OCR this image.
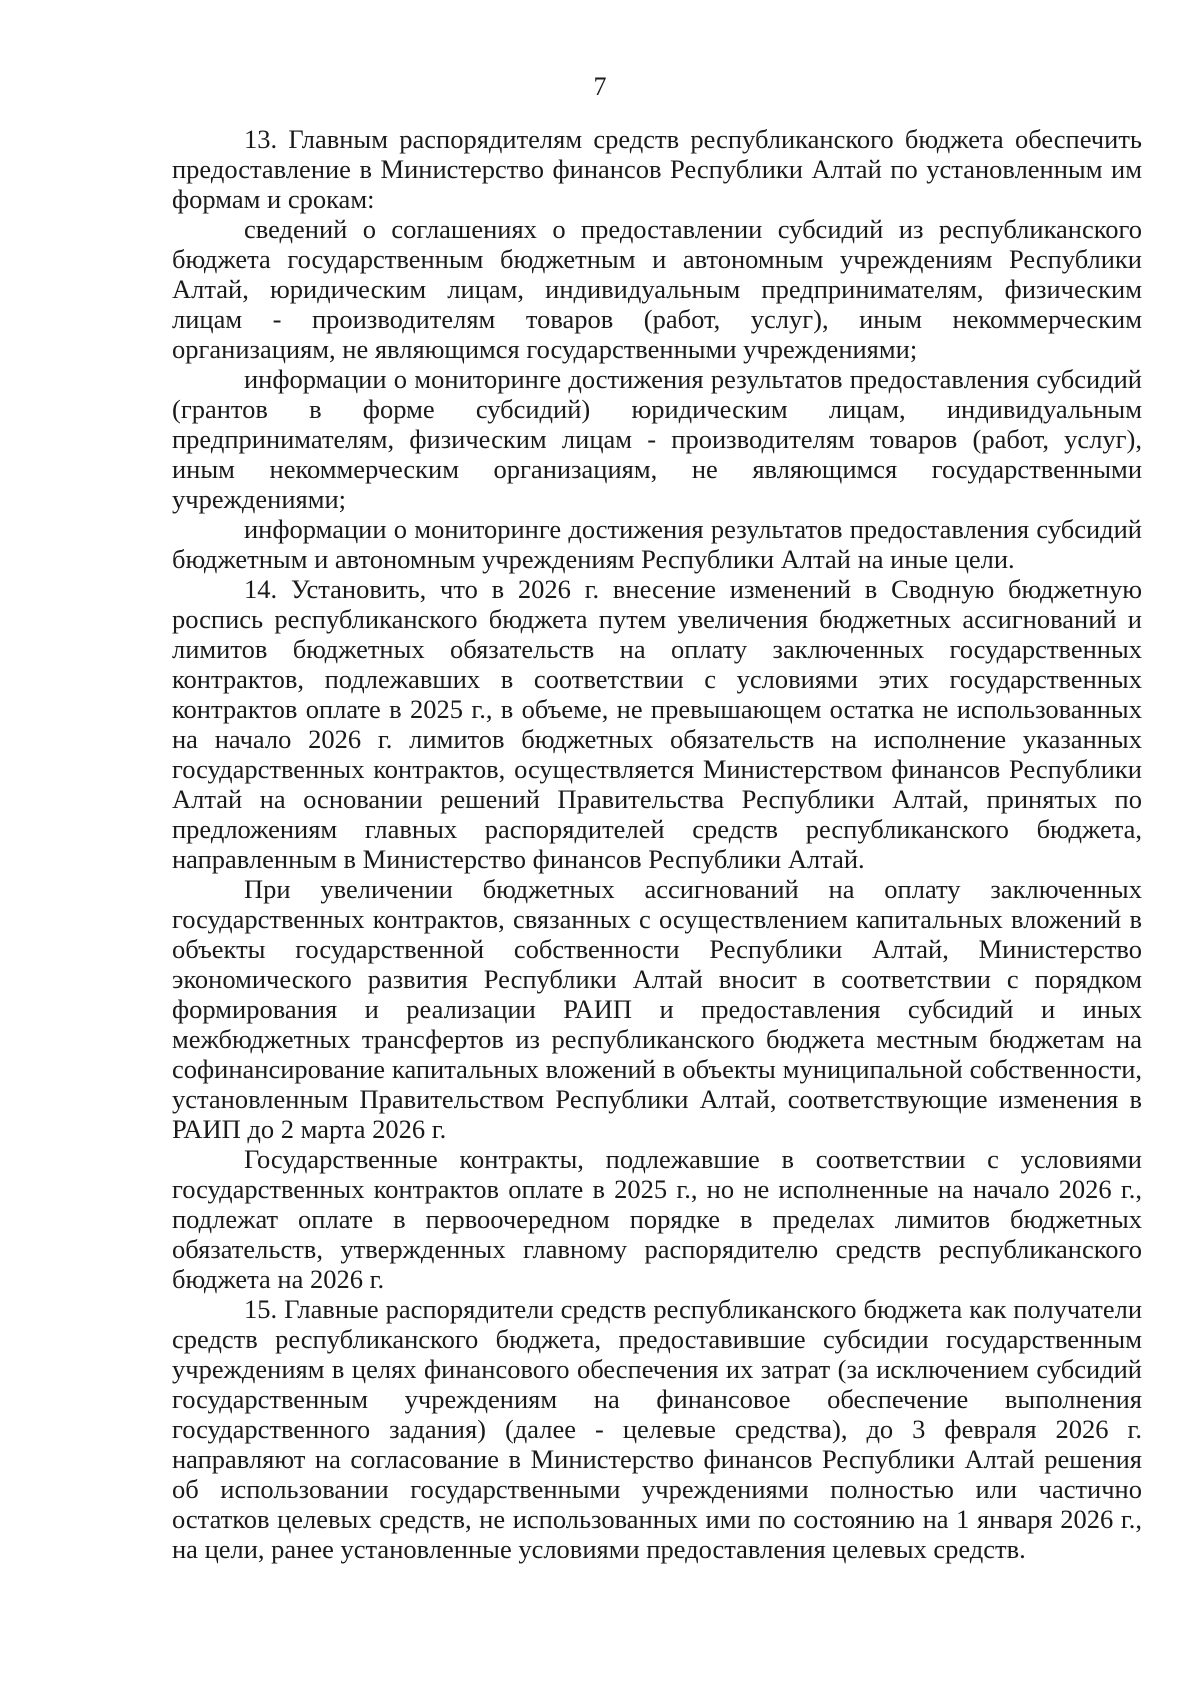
7

13. Главным распорядителям средств республиканского бюджета обеспечить предоставление в Министерство финансов Республики Алтай по установленным им формам и срокам:

сведений о соглашениях о предоставлении субсидий из республиканского бюджета государственным бюджетным и автономным учреждениям Республики Алтай, юридическим лицам, индивидуальным предпринимателям, физическим лицам - производителям товаров (работ, услуг), иным некоммерческим организациям, не являющимся государственными учреждениями;

информации о мониторинге достижения результатов предоставления субсидий (грантов в форме субсидий) юридическим лицам, индивидуальным предпринимателям, физическим лицам - производителям товаров (работ, услуг), иным некоммерческим организациям, не являющимся государственными учреждениями;

информации о мониторинге достижения результатов предоставления субсидий бюджетным и автономным учреждениям Республики Алтай на иные цели.

14. Установить, что в 2026 г. внесение изменений в Сводную бюджетную роспись республиканского бюджета путем увеличения бюджетных ассигнований и лимитов бюджетных обязательств на оплату заключенных государственных контрактов, подлежавших в соответствии с условиями этих государственных контрактов оплате в 2025 г., в объеме, не превышающем остатка не использованных на начало 2026 г. лимитов бюджетных обязательств на исполнение указанных государственных контрактов, осуществляется Министерством финансов Республики Алтай на основании решений Правительства Республики Алтай, принятых по предложениям главных распорядителей средств республиканского бюджета, направленным в Министерство финансов Республики Алтай.

При увеличении бюджетных ассигнований на оплату заключенных государственных контрактов, связанных с осуществлением капитальных вложений в объекты государственной собственности Республики Алтай, Министерство экономического развития Республики Алтай вносит в соответствии с порядком формирования и реализации РАИП и предоставления субсидий и иных межбюджетных трансфертов из республиканского бюджета местным бюджетам на софинансирование капитальных вложений в объекты муниципальной собственности, установленным Правительством Республики Алтай, соответствующие изменения в РАИП до 2 марта 2026 г.

Государственные контракты, подлежавшие в соответствии с условиями государственных контрактов оплате в 2025 г., но не исполненные на начало 2026 г., подлежат оплате в первоочередном порядке в пределах лимитов бюджетных обязательств, утвержденных главному распорядителю средств республиканского бюджета на 2026 г.

15. Главные распорядители средств республиканского бюджета как получатели средств республиканского бюджета, предоставившие субсидии государственным учреждениям в целях финансового обеспечения их затрат (за исключением субсидий государственным учреждениям на финансовое обеспечение выполнения государственного задания) (далее - целевые средства), до 3 февраля 2026 г. направляют на согласование в Министерство финансов Республики Алтай решения об использовании государственными учреждениями полностью или частично остатков целевых средств, не использованных ими по состоянию на 1 января 2026 г., на цели, ранее установленные условиями предоставления целевых средств.
